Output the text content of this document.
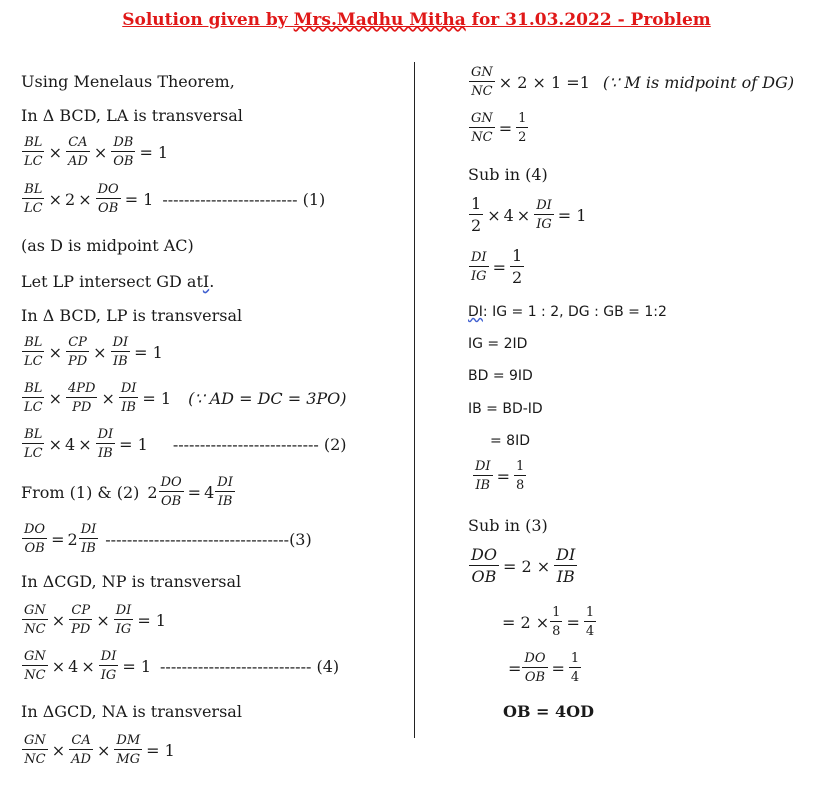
Solution given by Mrs.Madhu Mitha for 31.03.2022 - Problem
Using Menelaus Theorem,
In Δ BCD, LA is transversal
$\frac{BL}{LC} \times \frac{CA}{AD} \times \frac{DB}{OB} = 1$
$\frac{BL}{LC} \times 2 \times \frac{DO}{OB} = 1$ ------------------------- (1)
(as D is midpoint AC)
Let LP intersect GD at I .
In Δ BCD, LP is transversal
$\frac{BL}{LC} \times \frac{CP}{PD} \times \frac{DI}{IB} = 1$
$\frac{BL}{LC} \times \frac{4PD}{PD} \times \frac{DI}{IB} = 1$ (∵ AD = DC = 3PO)
$\frac{BL}{LC} \times 4 \times \frac{DI}{IB} = 1$ --------------------------- (2)
From (1) & (2) $2 \frac{DO}{OB} = 4 \frac{DI}{IB}$
$\frac{DO}{OB} = 2 \frac{DI}{IB} ----------------------------------(3)$
In ΔCGD, NP is transversal
$\frac{GN}{NC} \times \frac{CP}{PD} \times \frac{DI}{IG} = 1$
$\frac{GN}{NC} \times 4 \times \frac{DI}{IG} = 1$ ---------------------------- (4)
In ΔGCD, NA is transversal
$\frac{GN}{NC} \times \frac{CA}{AD} \times \frac{DM}{MG} = 1$
$\frac{GN}{NC} \times 2 \times 1 =1$ (∵ M is midpoint of DG)
$\frac{GN}{NC} = \frac{1}{2}$
Sub in (4)
$\frac{1}{2} \times 4 \times \frac{DI}{IG} = 1$
$\frac{DI}{IG} = \frac{1}{2}$
DI : IG = 1 : 2, DG : GB = 1:2
IG = 2ID
BD = 9ID
IB = BD-ID
= 8ID
$\frac{DI}{IB} = \frac{1}{8}$
Sub in (3)
$\frac{DO}{OB} = 2 \times \frac{DI}{IB}$
= $2 \times \frac{1}{8} = \frac{1}{4}$
= $\frac{DO}{OB} = \frac{1}{4}$
OB = 4OD
